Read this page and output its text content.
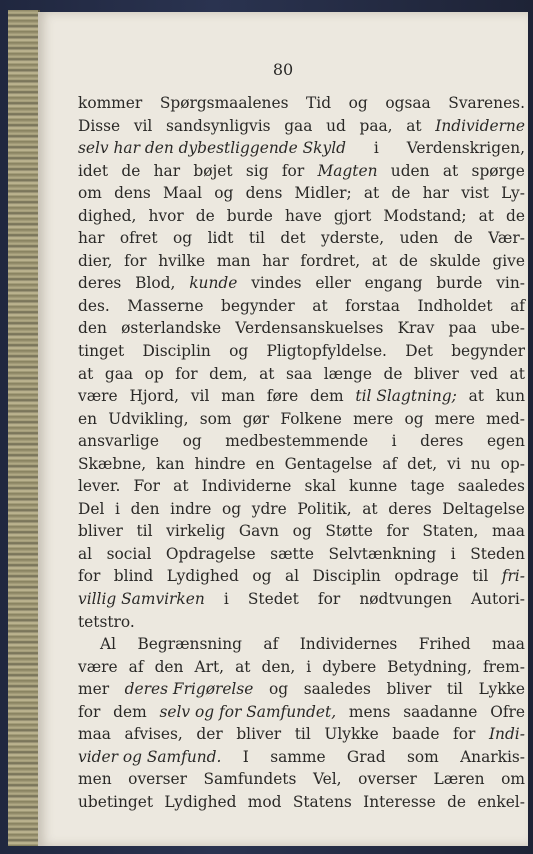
80
kommer Spørgsmaalenes Tid og ogsaa Svarenes.
Disse vil sandsynligvis gaa ud paa, at Individerne
selv har den dybestliggende Skyld i Verdenskrigen,
idet de har bøjet sig for Magten uden at spørge
om dens Maal og dens Midler; at de har vist Ly-
dighed, hvor de burde have gjort Modstand; at de
har ofret og lidt til det yderste, uden de Vær-
dier, for hvilke man har fordret, at de skulde give
deres Blod, kunde vindes eller engang burde vin-
des. Masserne begynder at forstaa Indholdet af
den østerlandske Verdensanskuelses Krav paa ube-
tinget Disciplin og Pligtopfyldelse. Det begynder
at gaa op for dem, at saa længe de bliver ved at
være Hjord, vil man føre dem til Slagtning; at kun
en Udvikling, som gør Folkene mere og mere med-
ansvarlige og medbestemmende i deres egen
Skæbne, kan hindre en Gentagelse af det, vi nu op-
lever. For at Individerne skal kunne tage saaledes
Del i den indre og ydre Politik, at deres Deltagelse
bliver til virkelig Gavn og Støtte for Staten, maa
al social Opdragelse sætte Selvtænkning i Steden
for blind Lydighed og al Disciplin opdrage til fri-
villig Samvirken i Stedet for nødtvungen Autori-
tetstro.
Al Begrænsning af Individernes Frihed maa
være af den Art, at den, i dybere Betydning, frem-
mer deres Frigørelse og saaledes bliver til Lykke
for dem selv og for Samfundet, mens saadanne Ofre
maa afvises, der bliver til Ulykke baade for Indi-
vider og Samfund. I samme Grad som Anarkis-
men overser Samfundets Vel, overser Læren om
ubetinget Lydighed mod Statens Interesse de enkel-
